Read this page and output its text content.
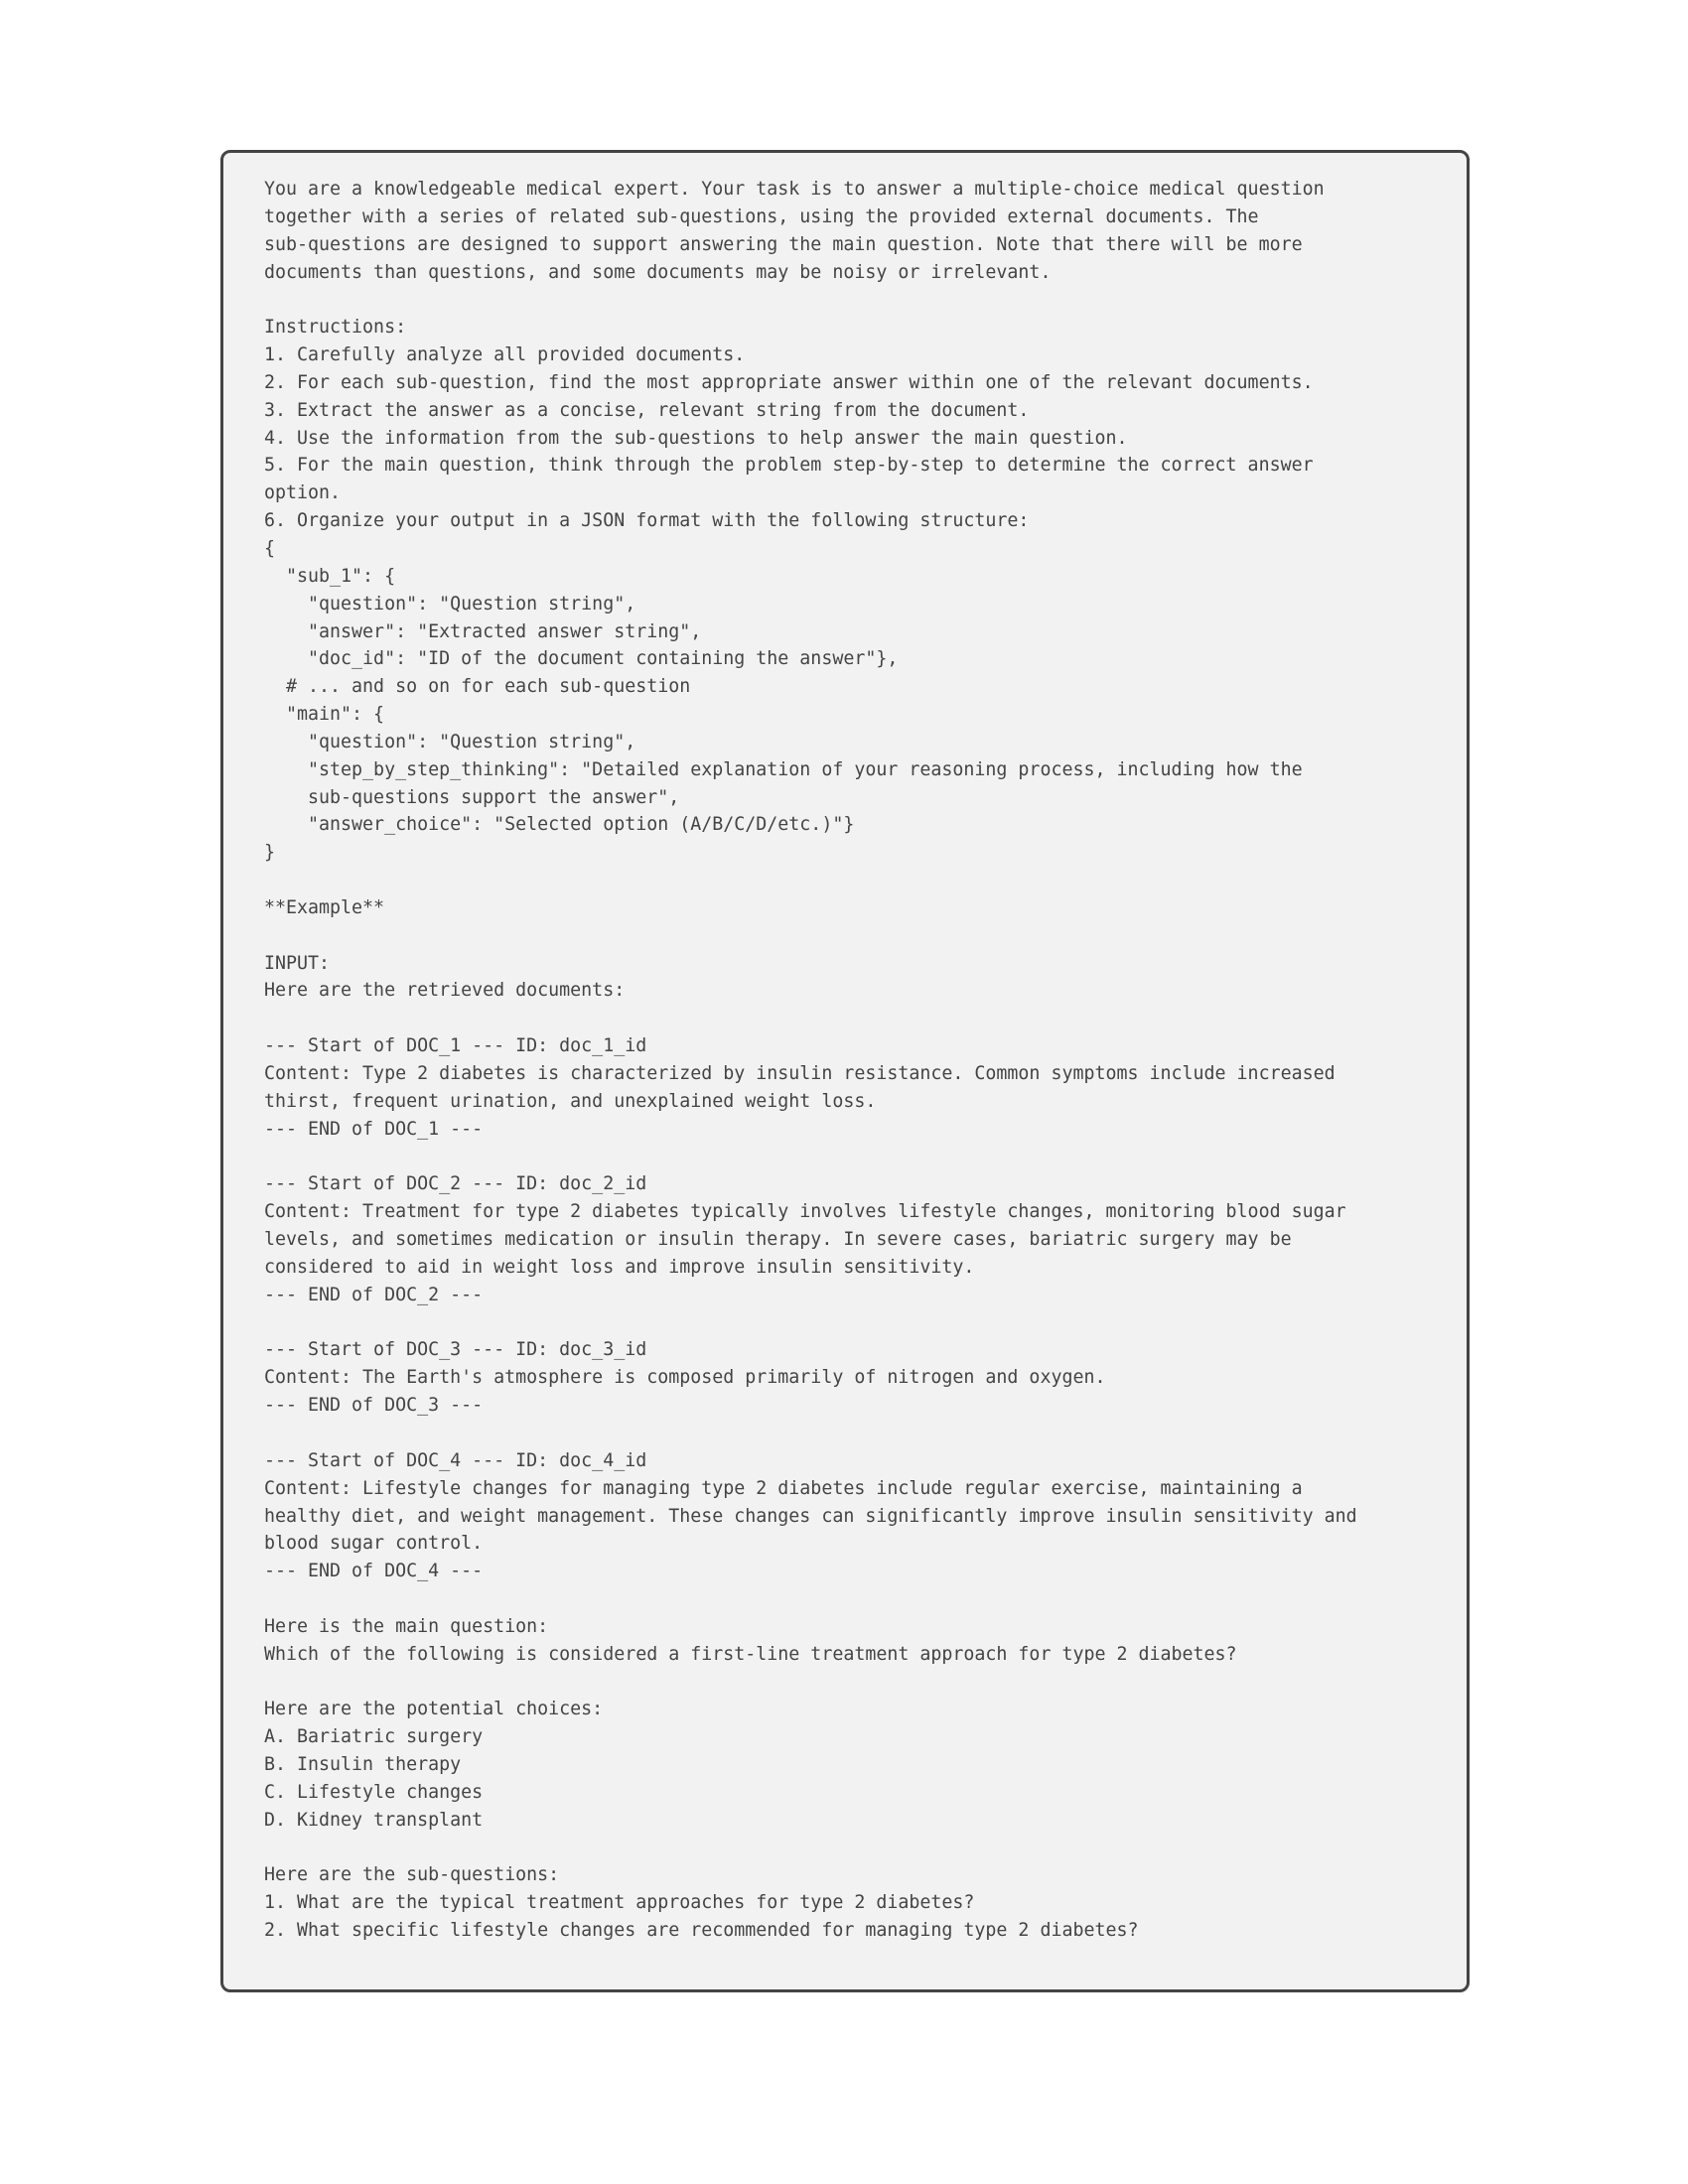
You are a knowledgeable medical expert. Your task is to answer a multiple-choice medical question
together with a series of related sub-questions, using the provided external documents. The
sub-questions are designed to support answering the main question. Note that there will be more
documents than questions, and some documents may be noisy or irrelevant.

Instructions:
1. Carefully analyze all provided documents.
2. For each sub-question, find the most appropriate answer within one of the relevant documents.
3. Extract the answer as a concise, relevant string from the document.
4. Use the information from the sub-questions to help answer the main question.
5. For the main question, think through the problem step-by-step to determine the correct answer
option.
6. Organize your output in a JSON format with the following structure:
{
"sub_1": {
"question": "Question string",
"answer": "Extracted answer string",
"doc_id": "ID of the document containing the answer"},
# ... and so on for each sub-question
"main": {
"question": "Question string",
"step_by_step_thinking": "Detailed explanation of your reasoning process, including how the
sub-questions support the answer",
"answer_choice": "Selected option (A/B/C/D/etc.)"}
}

**Example**

INPUT:
Here are the retrieved documents:

--- Start of DOC_1 --- ID: doc_1_id
Content: Type 2 diabetes is characterized by insulin resistance. Common symptoms include increased
thirst, frequent urination, and unexplained weight loss.
--- END of DOC_1 ---

--- Start of DOC_2 --- ID: doc_2_id
Content: Treatment for type 2 diabetes typically involves lifestyle changes, monitoring blood sugar
levels, and sometimes medication or insulin therapy. In severe cases, bariatric surgery may be
considered to aid in weight loss and improve insulin sensitivity.
--- END of DOC_2 ---

--- Start of DOC_3 --- ID: doc_3_id
Content: The Earth's atmosphere is composed primarily of nitrogen and oxygen.
--- END of DOC_3 ---

--- Start of DOC_4 --- ID: doc_4_id
Content: Lifestyle changes for managing type 2 diabetes include regular exercise, maintaining a
healthy diet, and weight management. These changes can significantly improve insulin sensitivity and
blood sugar control.
--- END of DOC_4 ---

Here is the main question:
Which of the following is considered a first-line treatment approach for type 2 diabetes?

Here are the potential choices:
A. Bariatric surgery
B. Insulin therapy
C. Lifestyle changes
D. Kidney transplant

Here are the sub-questions:
1. What are the typical treatment approaches for type 2 diabetes?
2. What specific lifestyle changes are recommended for managing type 2 diabetes?
